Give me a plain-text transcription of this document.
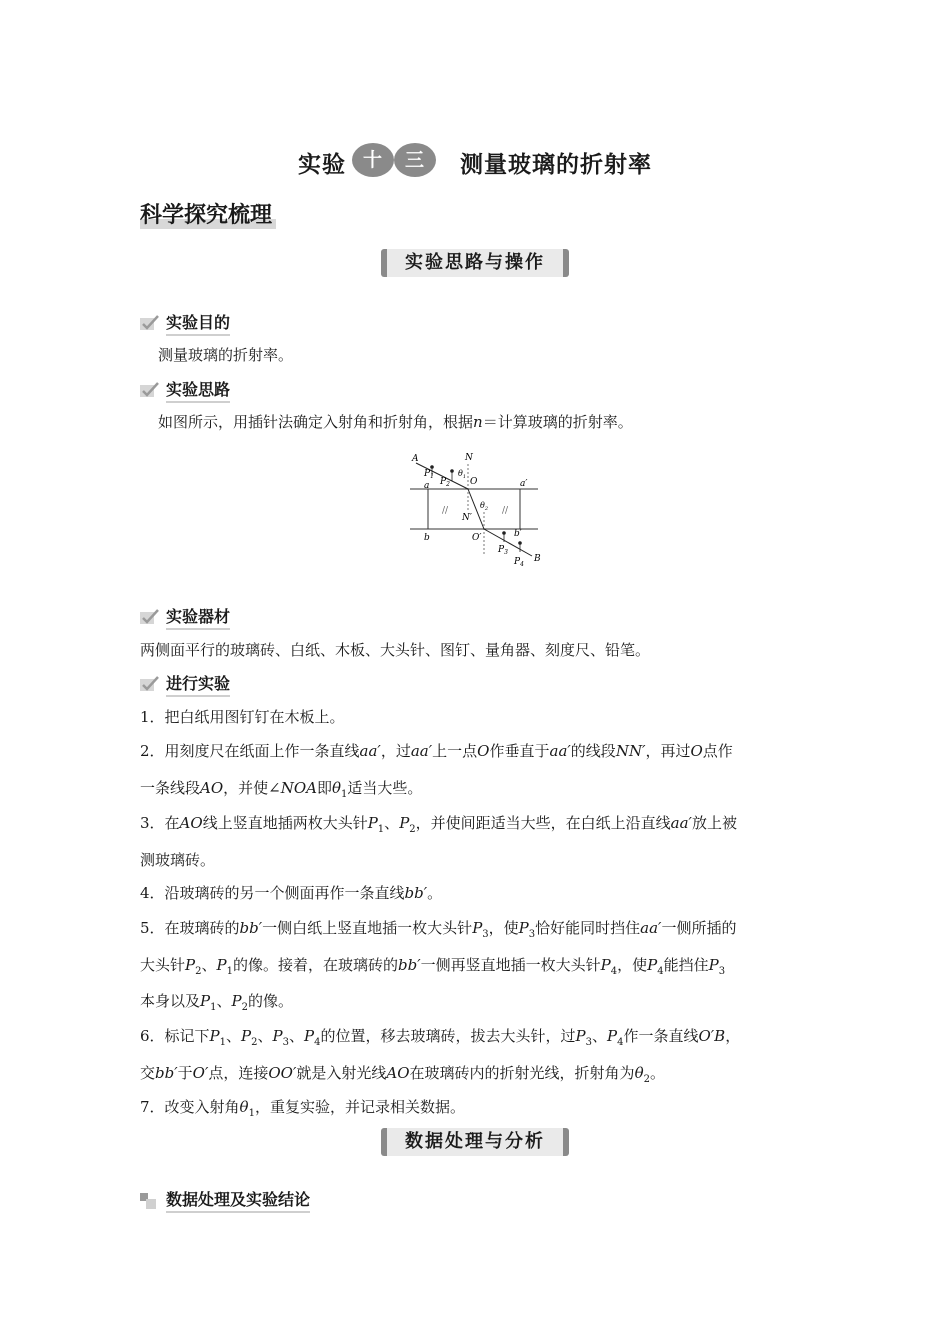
实验 十	三	测量玻璃的折射率
科学探究梳理
实验思路与操作
实验目的
测量玻璃的折射率。
实验思路
如图所示，用插针法确定入射角和折射角，根据n＝计算玻璃的折射率。
A	N
$P_1$
$P_2$
$\theta_1$ O
a	a′
$\theta_2$
N′
//	//
b	O′	b′
$P_3$
$P_4$
B
实验器材
两侧面平行的玻璃砖、白纸、木板、大头针、图钉、量角器、刻度尺、铅笔。
进行实验
1．把白纸用图钉钉在木板上。
2．用刻度尺在纸面上作一条直线aa′，过aa′上一点O作垂直于aa′的线段NN′，再过O点作
一条线段AO，并使∠NOA即$\theta_1$适当大些。
3．在AO线上竖直地插两枚大头针$P_1$、$P_2$，并使间距适当大些，在白纸上沿直线aa′放上被
测玻璃砖。
4．沿玻璃砖的另一个侧面再作一条直线bb′。
5．在玻璃砖的bb′一侧白纸上竖直地插一枚大头针$P_3$，使$P_3$恰好能同时挡住aa′一侧所插的
大头针$P_2$、$P_1$的像。接着，在玻璃砖的bb′一侧再竖直地插一枚大头针$P_4$，使$P_4$能挡住$P_3$
本身以及$P_1$、$P_2$的像。
6．标记下$P_1$、$P_2$、$P_3$、$P_4$的位置，移去玻璃砖，拔去大头针，过$P_3$、$P_4$作一条直线O′B，
交bb′于O′点，连接OO′就是入射光线AO在玻璃砖内的折射光线，折射角为$\theta_2$。
7．改变入射角$\theta_1$，重复实验，并记录相关数据。
数据处理与分析
数据处理及实验结论
